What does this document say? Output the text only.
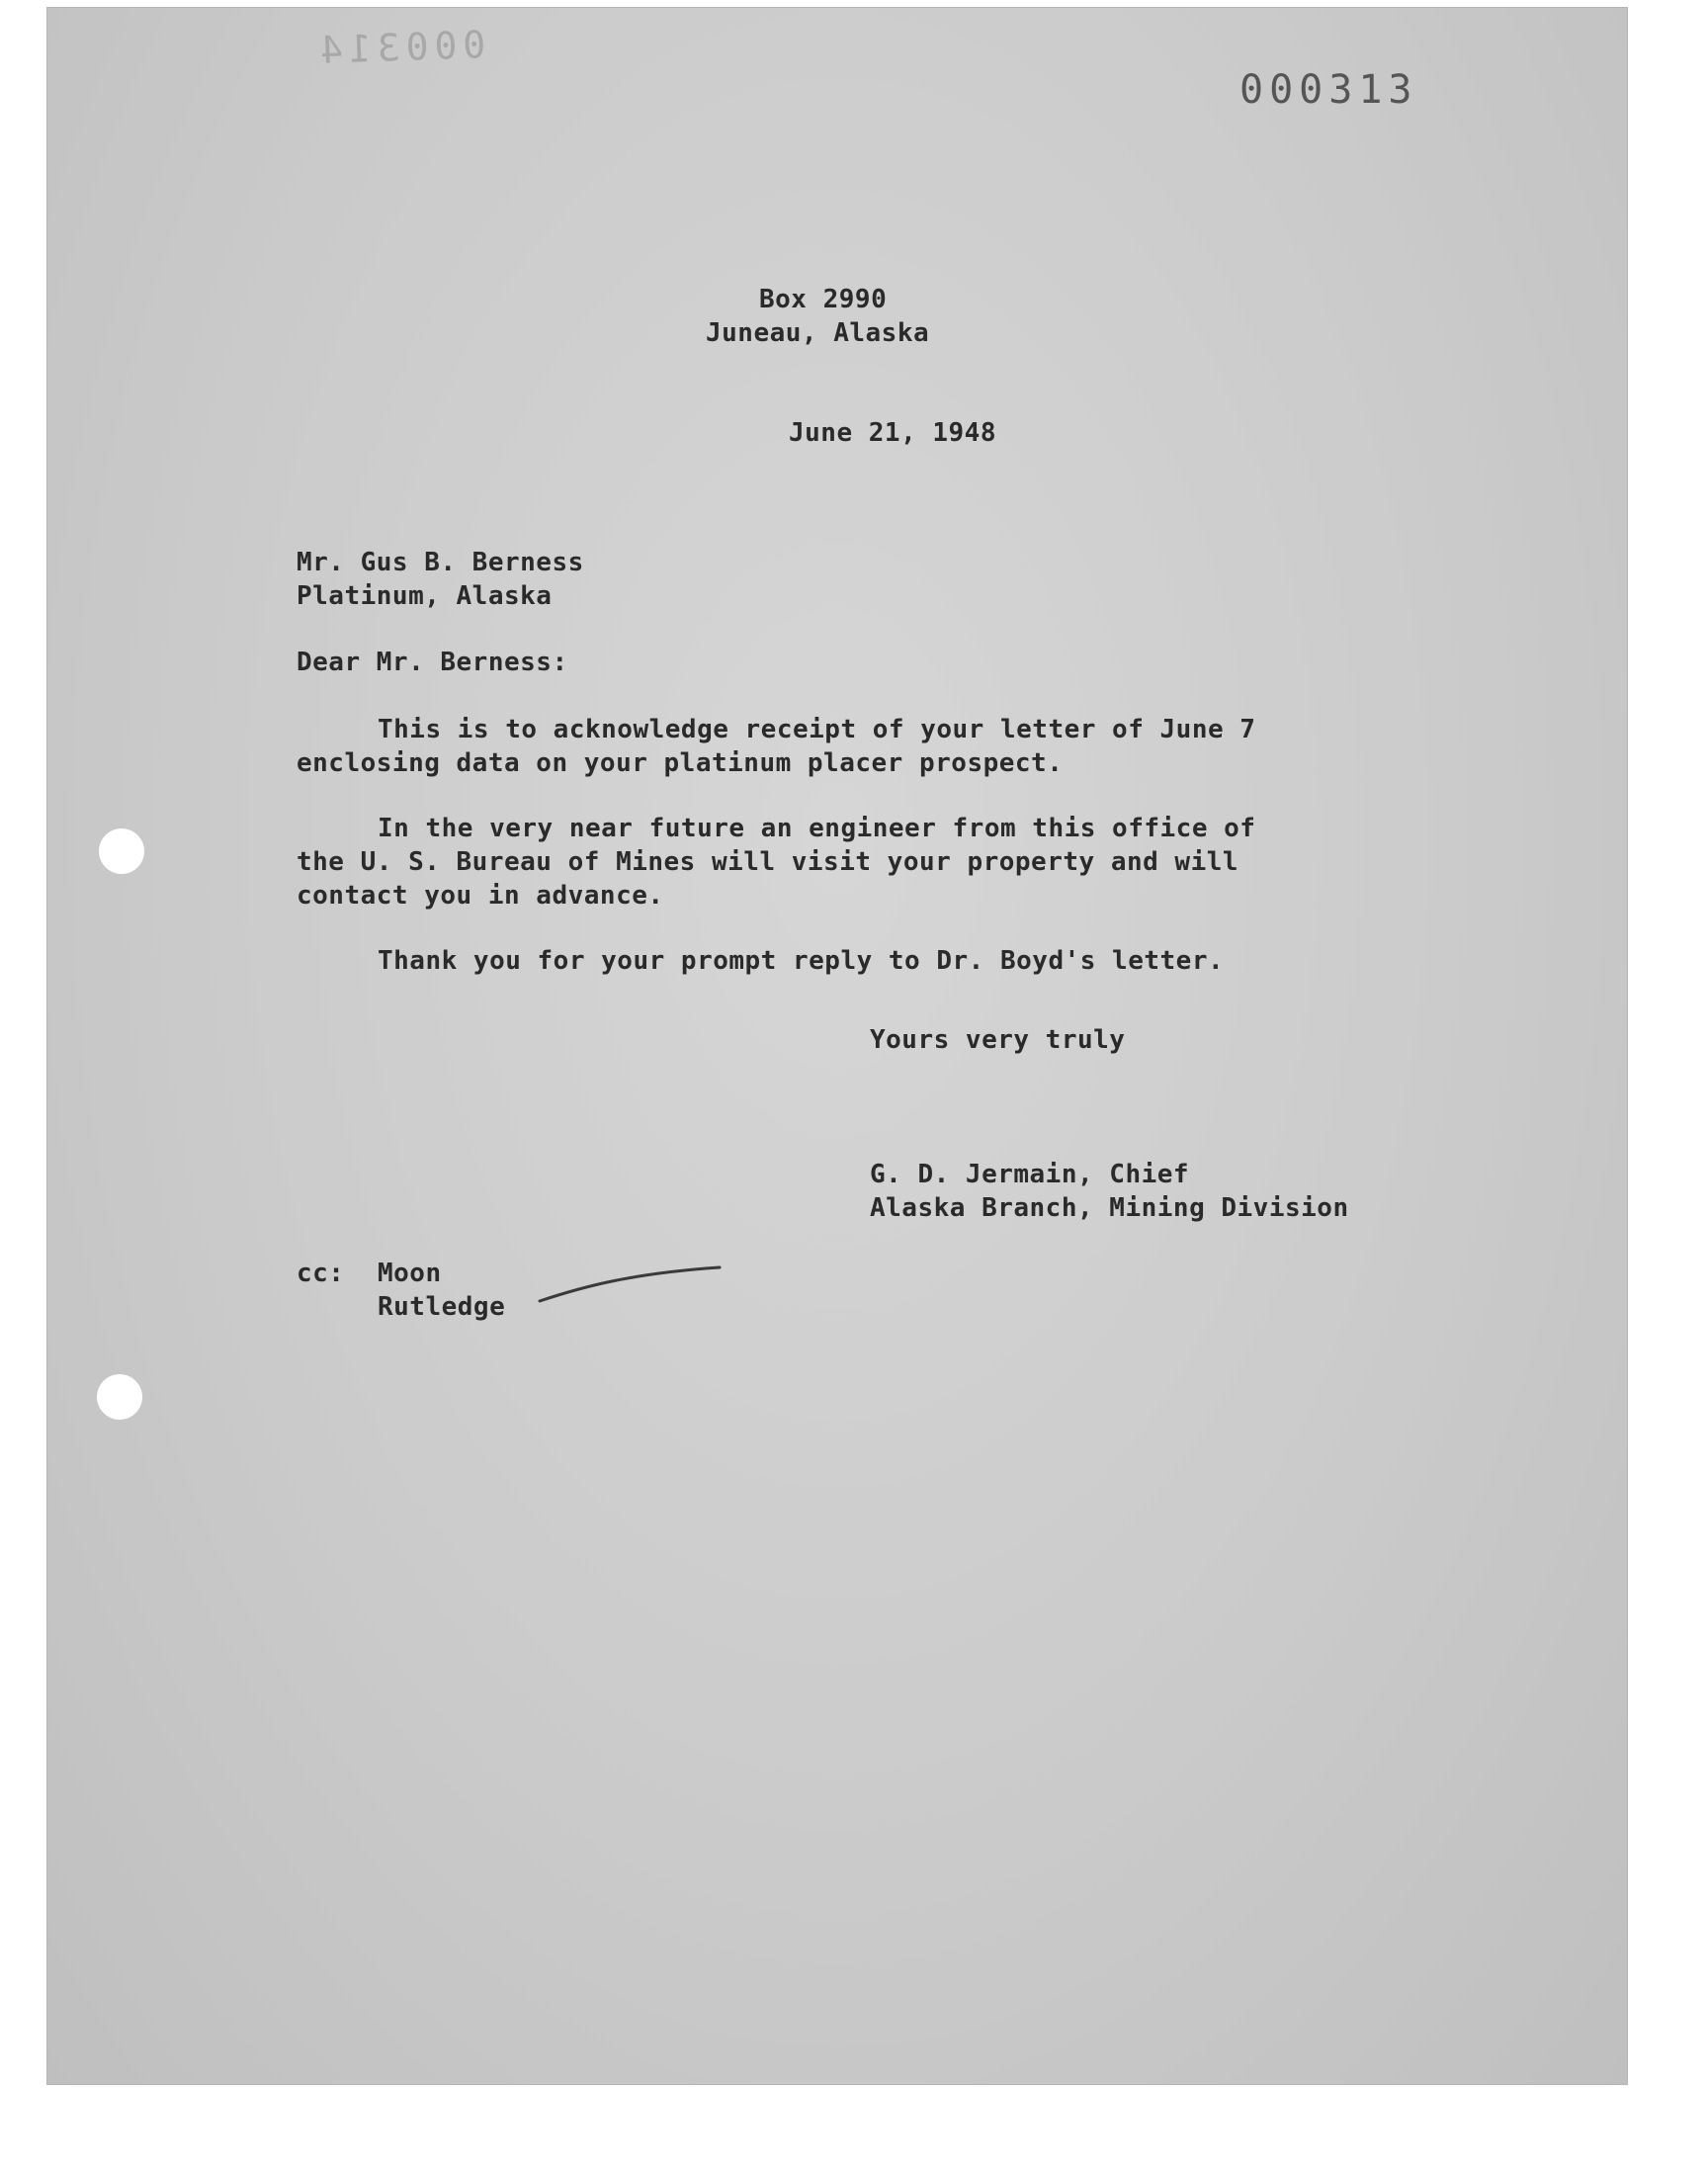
000314
000313
Box 2990
Juneau, Alaska
June 21, 1948
Mr. Gus B. Berness
Platinum, Alaska
Dear Mr. Berness:
This is to acknowledge receipt of your letter of June 7
enclosing data on your platinum placer prospect.
In the very near future an engineer from this office of
the U. S. Bureau of Mines will visit your property and will
contact you in advance.
Thank you for your prompt reply to Dr. Boyd's letter.
Yours very truly
G. D. Jermain, Chief
Alaska Branch, Mining Division
cc: Moon
Rutledge
